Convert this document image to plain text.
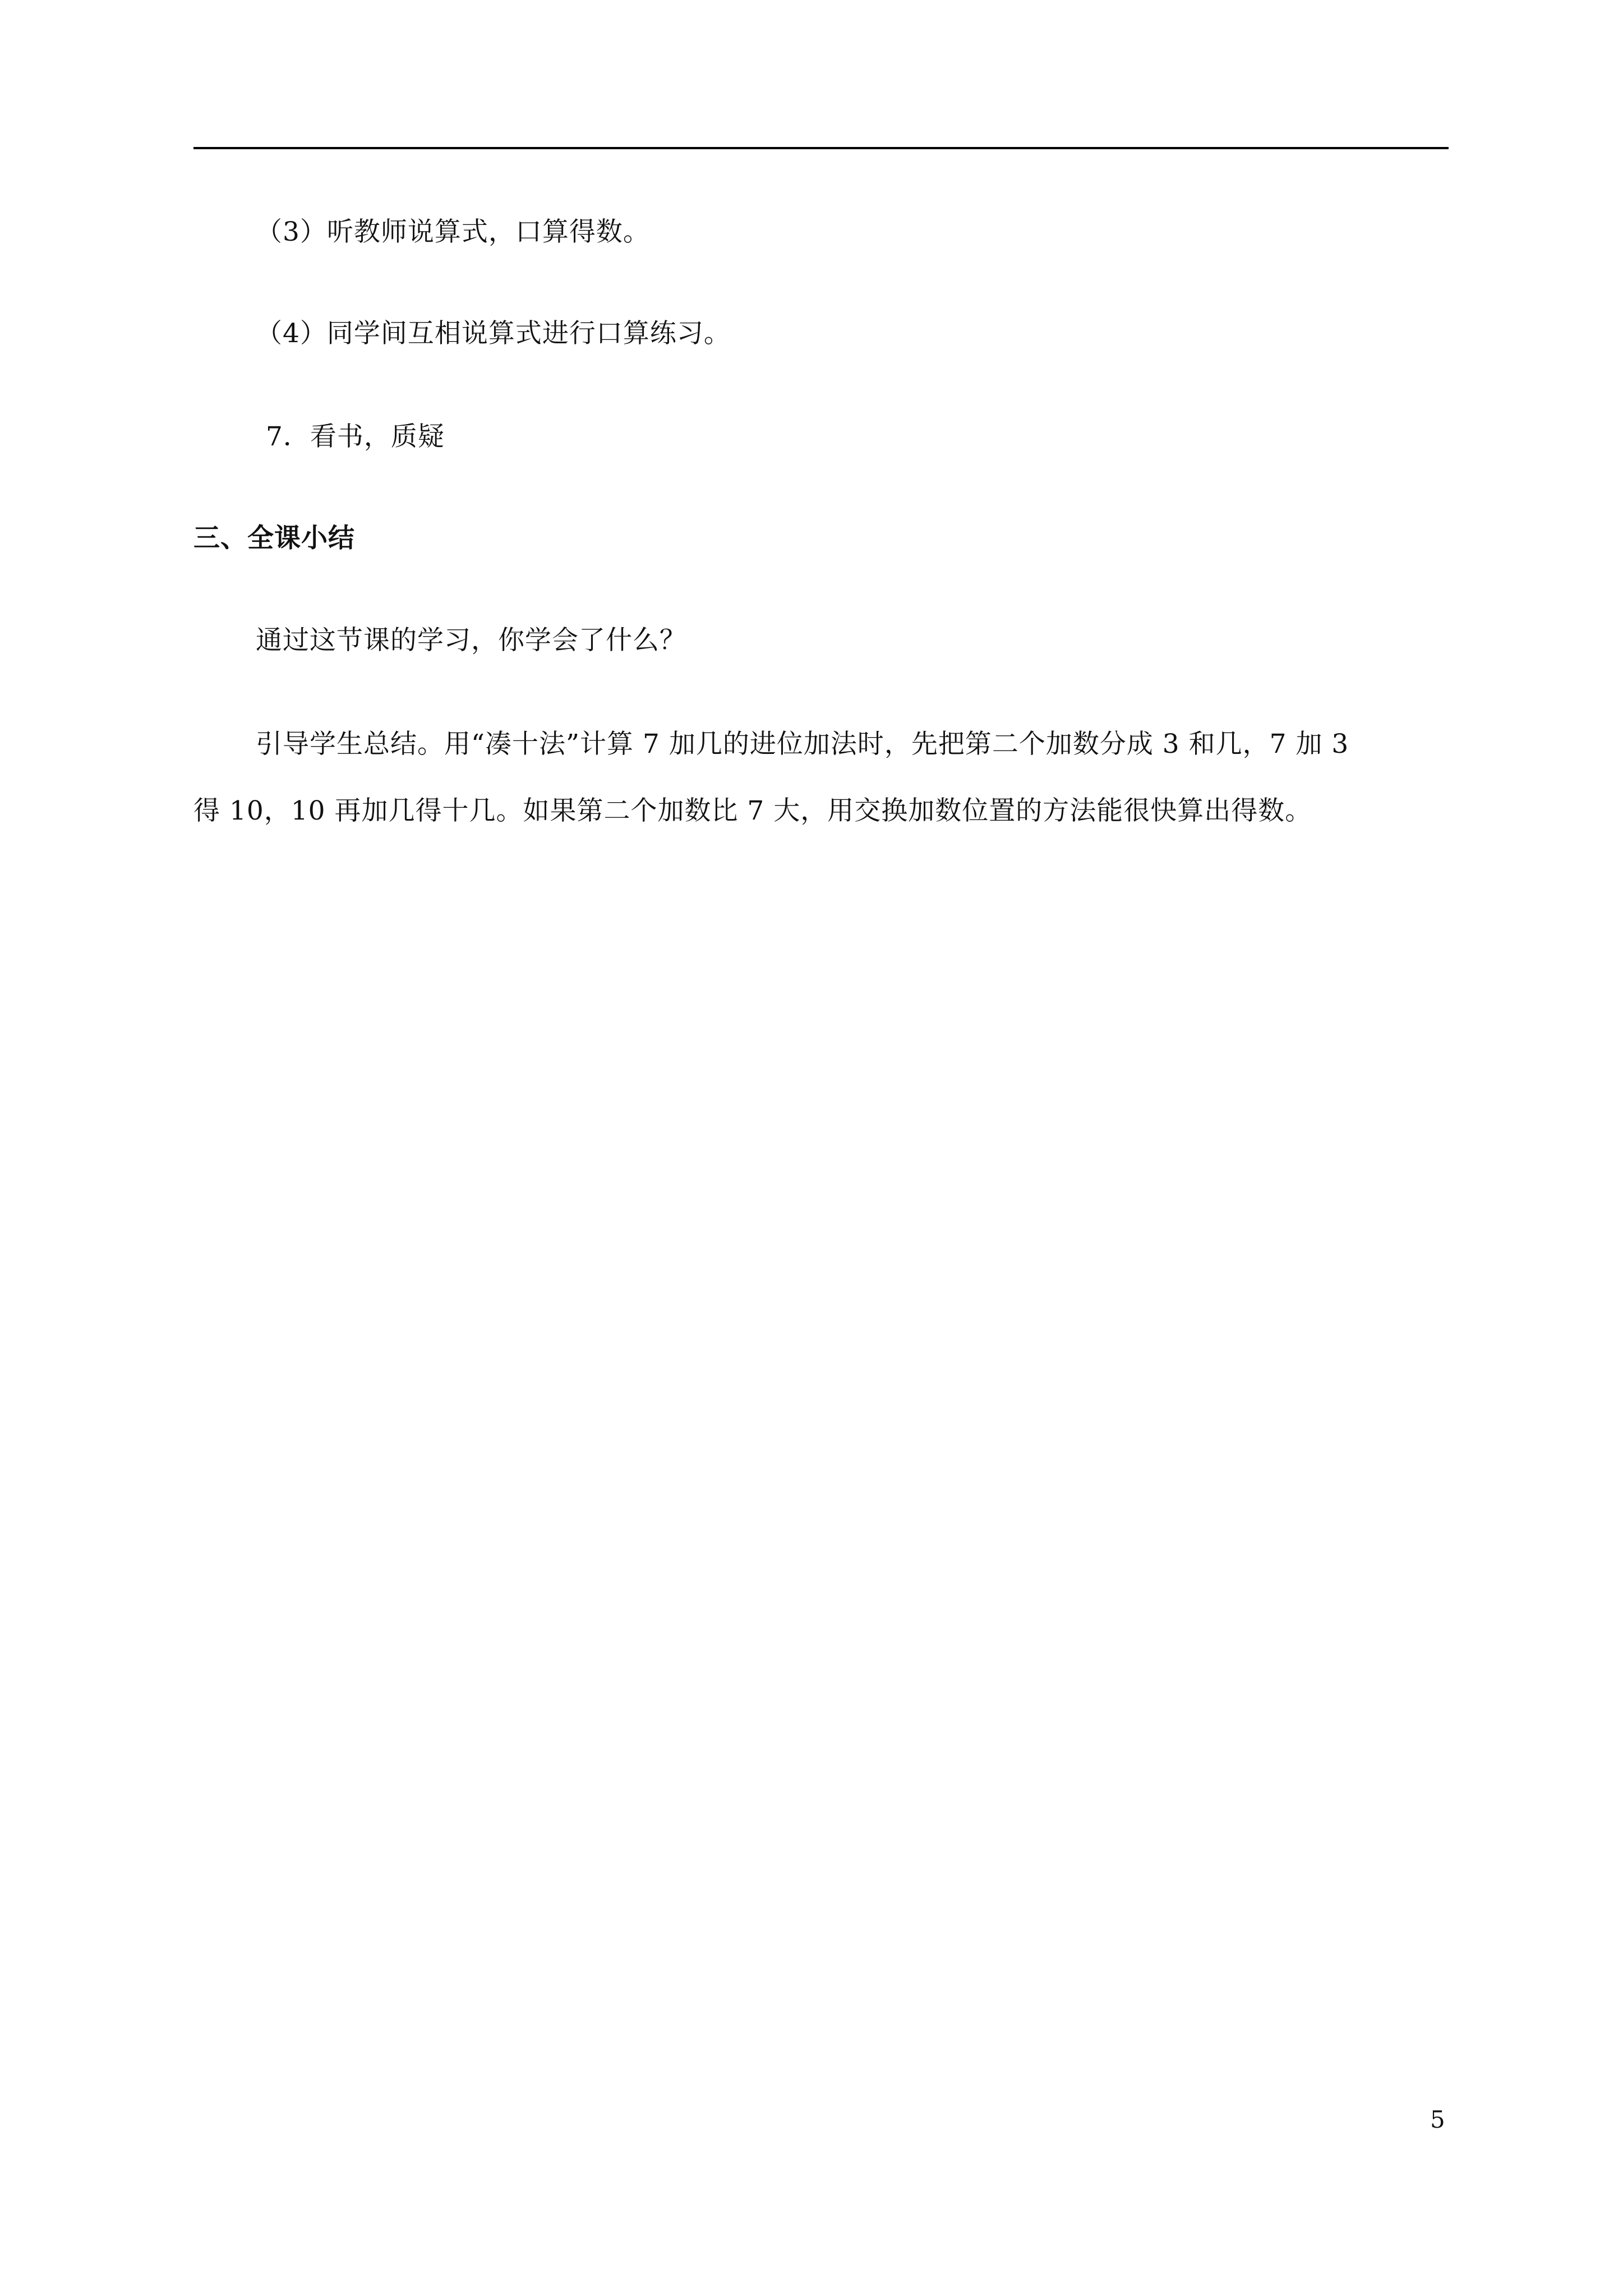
（3）听教师说算式，口算得数。
（4）同学间互相说算式进行口算练习。
7．看书，质疑
三、全课小结
通过这节课的学习，你学会了什么？
引导学生总结。用“凑十法”计算 7 加几的进位加法时，先把第二个加数分成 3 和几，7 加 3
得 10，10 再加几得十几。如果第二个加数比 7 大，用交换加数位置的方法能很快算出得数。
5
